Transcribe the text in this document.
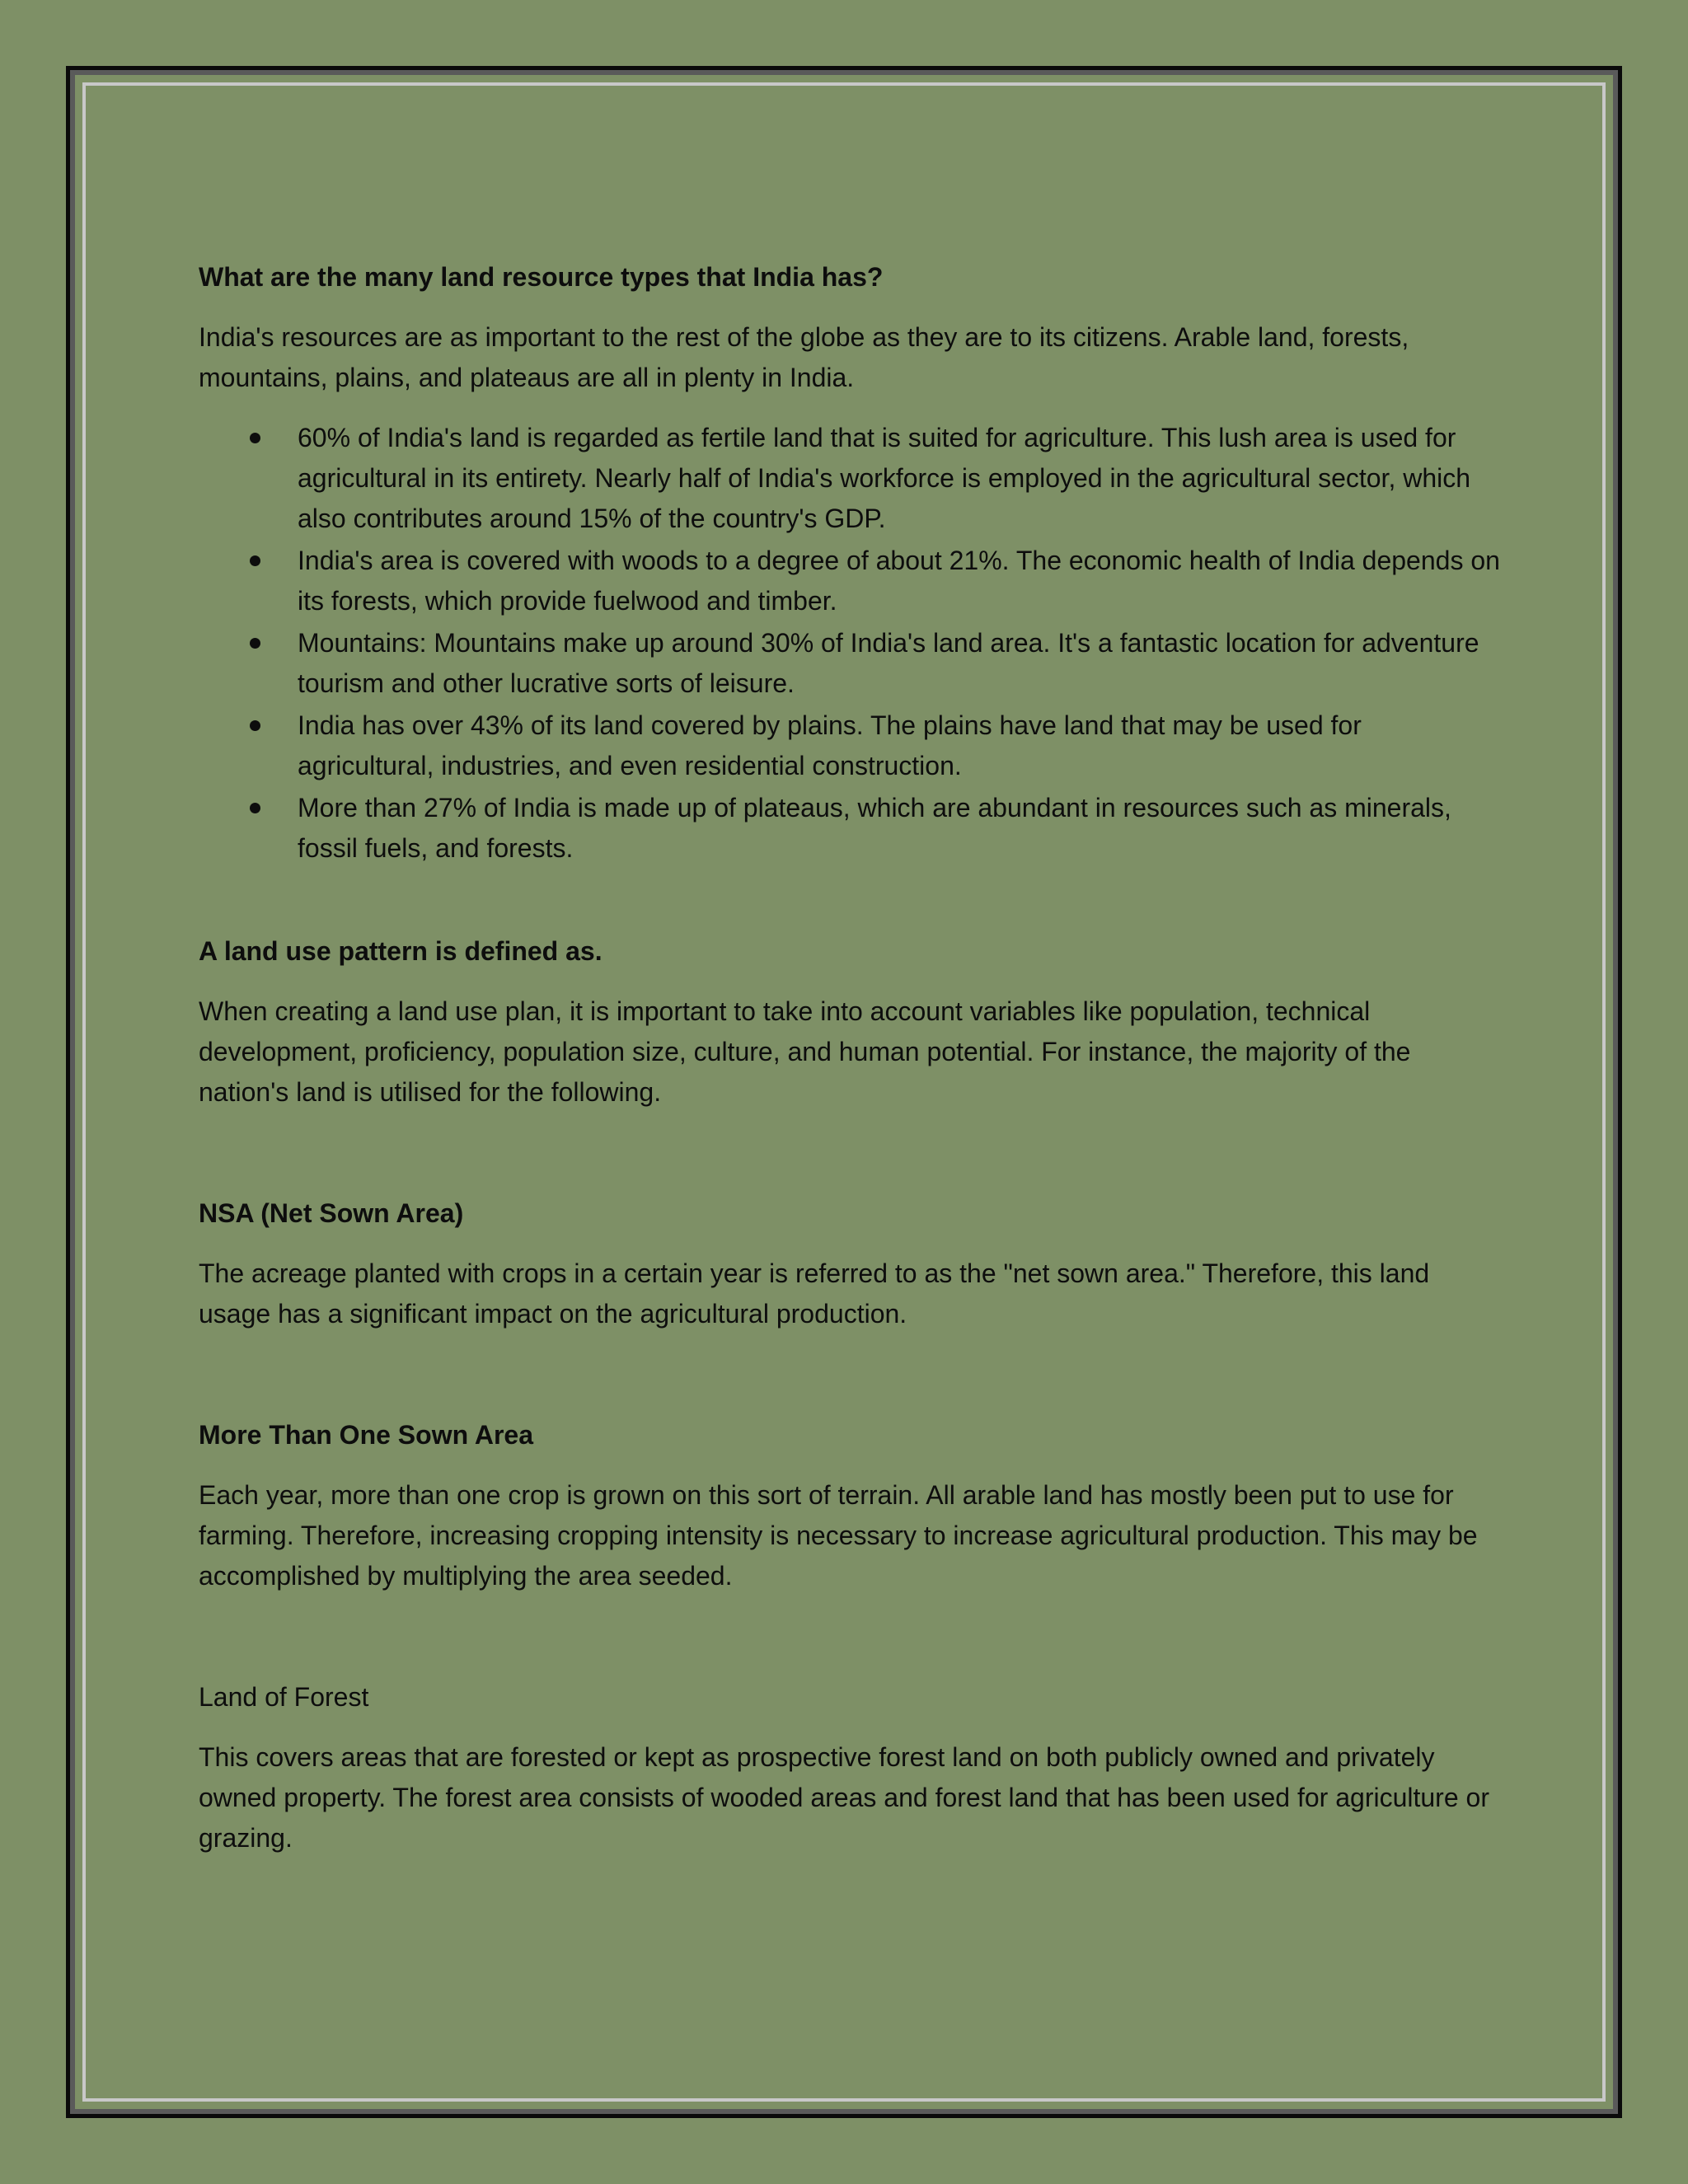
What are the many land resource types that India has?
India's resources are as important to the rest of the globe as they are to its citizens. Arable land, forests, mountains, plains, and plateaus are all in plenty in India.
60% of India's land is regarded as fertile land that is suited for agriculture. This lush area is used for agricultural in its entirety. Nearly half of India's workforce is employed in the agricultural sector, which also contributes around 15% of the country's GDP.
India's area is covered with woods to a degree of about 21%. The economic health of India depends on its forests, which provide fuelwood and timber.
Mountains: Mountains make up around 30% of India's land area. It's a fantastic location for adventure tourism and other lucrative sorts of leisure.
India has over 43% of its land covered by plains. The plains have land that may be used for agricultural, industries, and even residential construction.
More than 27% of India is made up of plateaus, which are abundant in resources such as minerals, fossil fuels, and forests.
A land use pattern is defined as.
When creating a land use plan, it is important to take into account variables like population, technical development, proficiency, population size, culture, and human potential. For instance, the majority of the nation's land is utilised for the following.
NSA (Net Sown Area)
The acreage planted with crops in a certain year is referred to as the "net sown area." Therefore, this land usage has a significant impact on the agricultural production.
More Than One Sown Area
Each year, more than one crop is grown on this sort of terrain. All arable land has mostly been put to use for farming. Therefore, increasing cropping intensity is necessary to increase agricultural production. This may be accomplished by multiplying the area seeded.
Land of Forest
This covers areas that are forested or kept as prospective forest land on both publicly owned and privately owned property. The forest area consists of wooded areas and forest land that has been used for agriculture or grazing.
